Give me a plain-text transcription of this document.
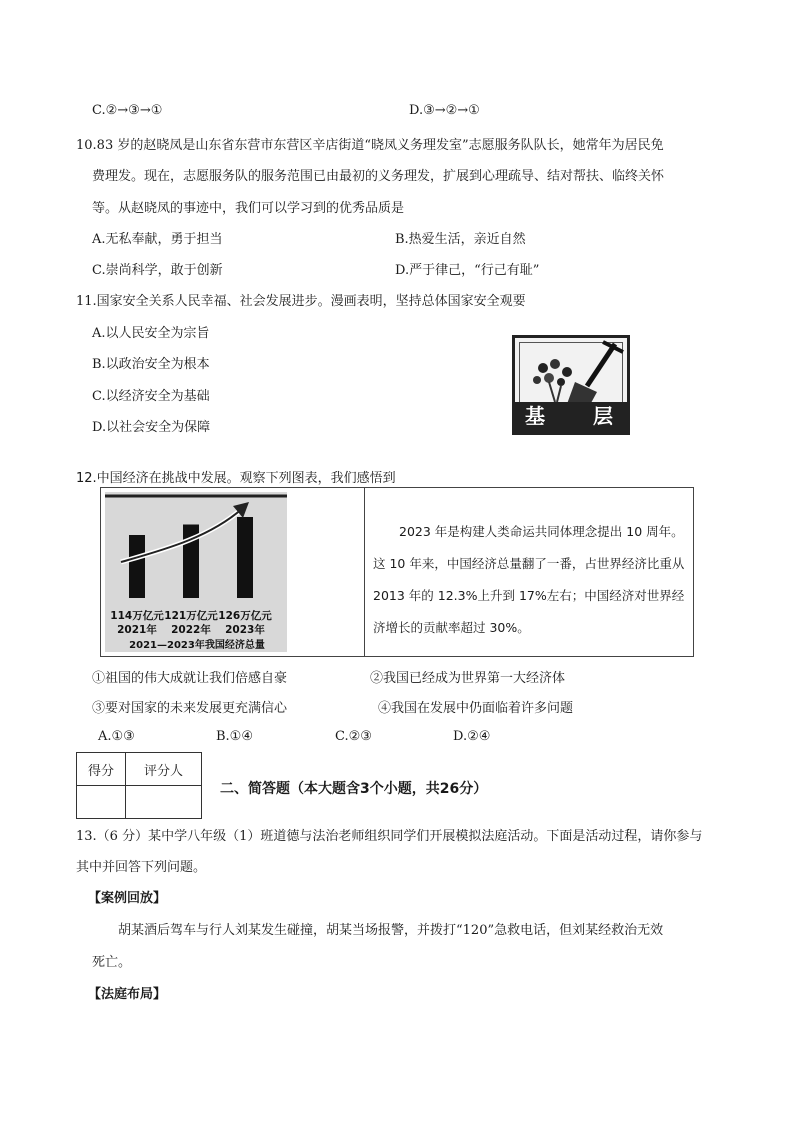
C.②→③→①	D.③→②→①
10.83 岁的赵晓凤是山东省东营市东营区辛店街道“晓凤义务理发室”志愿服务队队长，她常年为居民免
费理发。现在，志愿服务队的服务范围已由最初的义务理发，扩展到心理疏导、结对帮扶、临终关怀
等。从赵晓凤的事迹中，我们可以学习到的优秀品质是
A.无私奉献，勇于担当	B.热爱生活，亲近自然
C.崇尚科学，敢于创新	D.严于律己，“行己有耻”
11.国家安全关系人民幸福、社会发展进步。漫画表明，坚持总体国家安全观要
A.以人民安全为宗旨
B.以政治安全为根本
C.以经济安全为基础
D.以社会安全为保障	基 层
12.中国经济在挑战中发展。观察下列图表，我们感悟到
114万亿元 121万亿元 126万亿元
2021年 2022年 2023年
2021—2023年我国经济总量
2023 年是构建人类命运共同体理念提出 10 周年。这 10 年来，中国经济总量翻了一番，占世界经济比重从 2013 年的 12.3%上升到 17%左右；中国经济对世界经济增长的贡献率超过 30%。
①祖国的伟大成就让我们倍感自豪	②我国已经成为世界第一大经济体
③要对国家的未来发展更充满信心	④我国在发展中仍面临着许多问题
A.①③	B.①④	C.②③	D.②④
得分	评分人

二、简答题（本大题含3个小题，共26分）
13.（6 分）某中学八年级（1）班道德与法治老师组织同学们开展模拟法庭活动。下面是活动过程，请你参与
其中并回答下列问题。
【案例回放】
胡某酒后驾车与行人刘某发生碰撞，胡某当场报警，并拨打“120”急救电话，但刘某经救治无效
死亡。
【法庭布局】
